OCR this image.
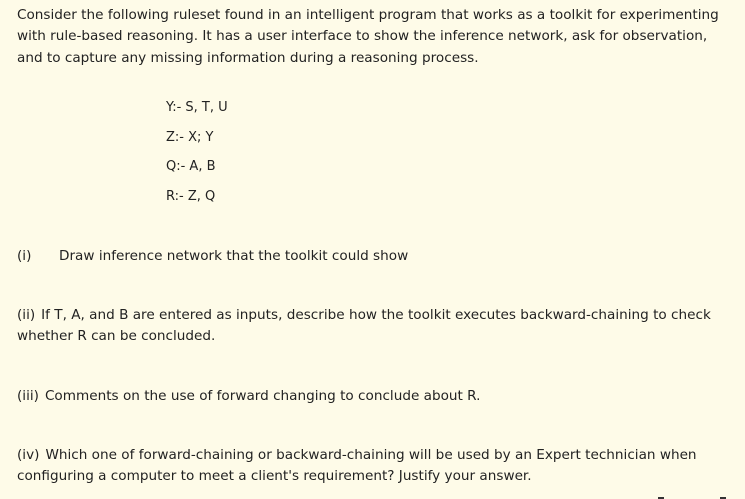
Consider the following ruleset found in an intelligent program that works as a toolkit for experimenting with rule-based reasoning. It has a user interface to show the inference network, ask for observation, and to capture any missing information during a reasoning process.

Y:- S, T, U
Z:- X; Y
Q:- A, B
R:- Z, Q

(i) Draw inference network that the toolkit could show

(ii) If T, A, and B are entered as inputs, describe how the toolkit executes backward-chaining to check whether R can be concluded.

(iii) Comments on the use of forward changing to conclude about R.

(iv) Which one of forward-chaining or backward-chaining will be used by an Expert technician when configuring a computer to meet a client's requirement? Justify your answer.
